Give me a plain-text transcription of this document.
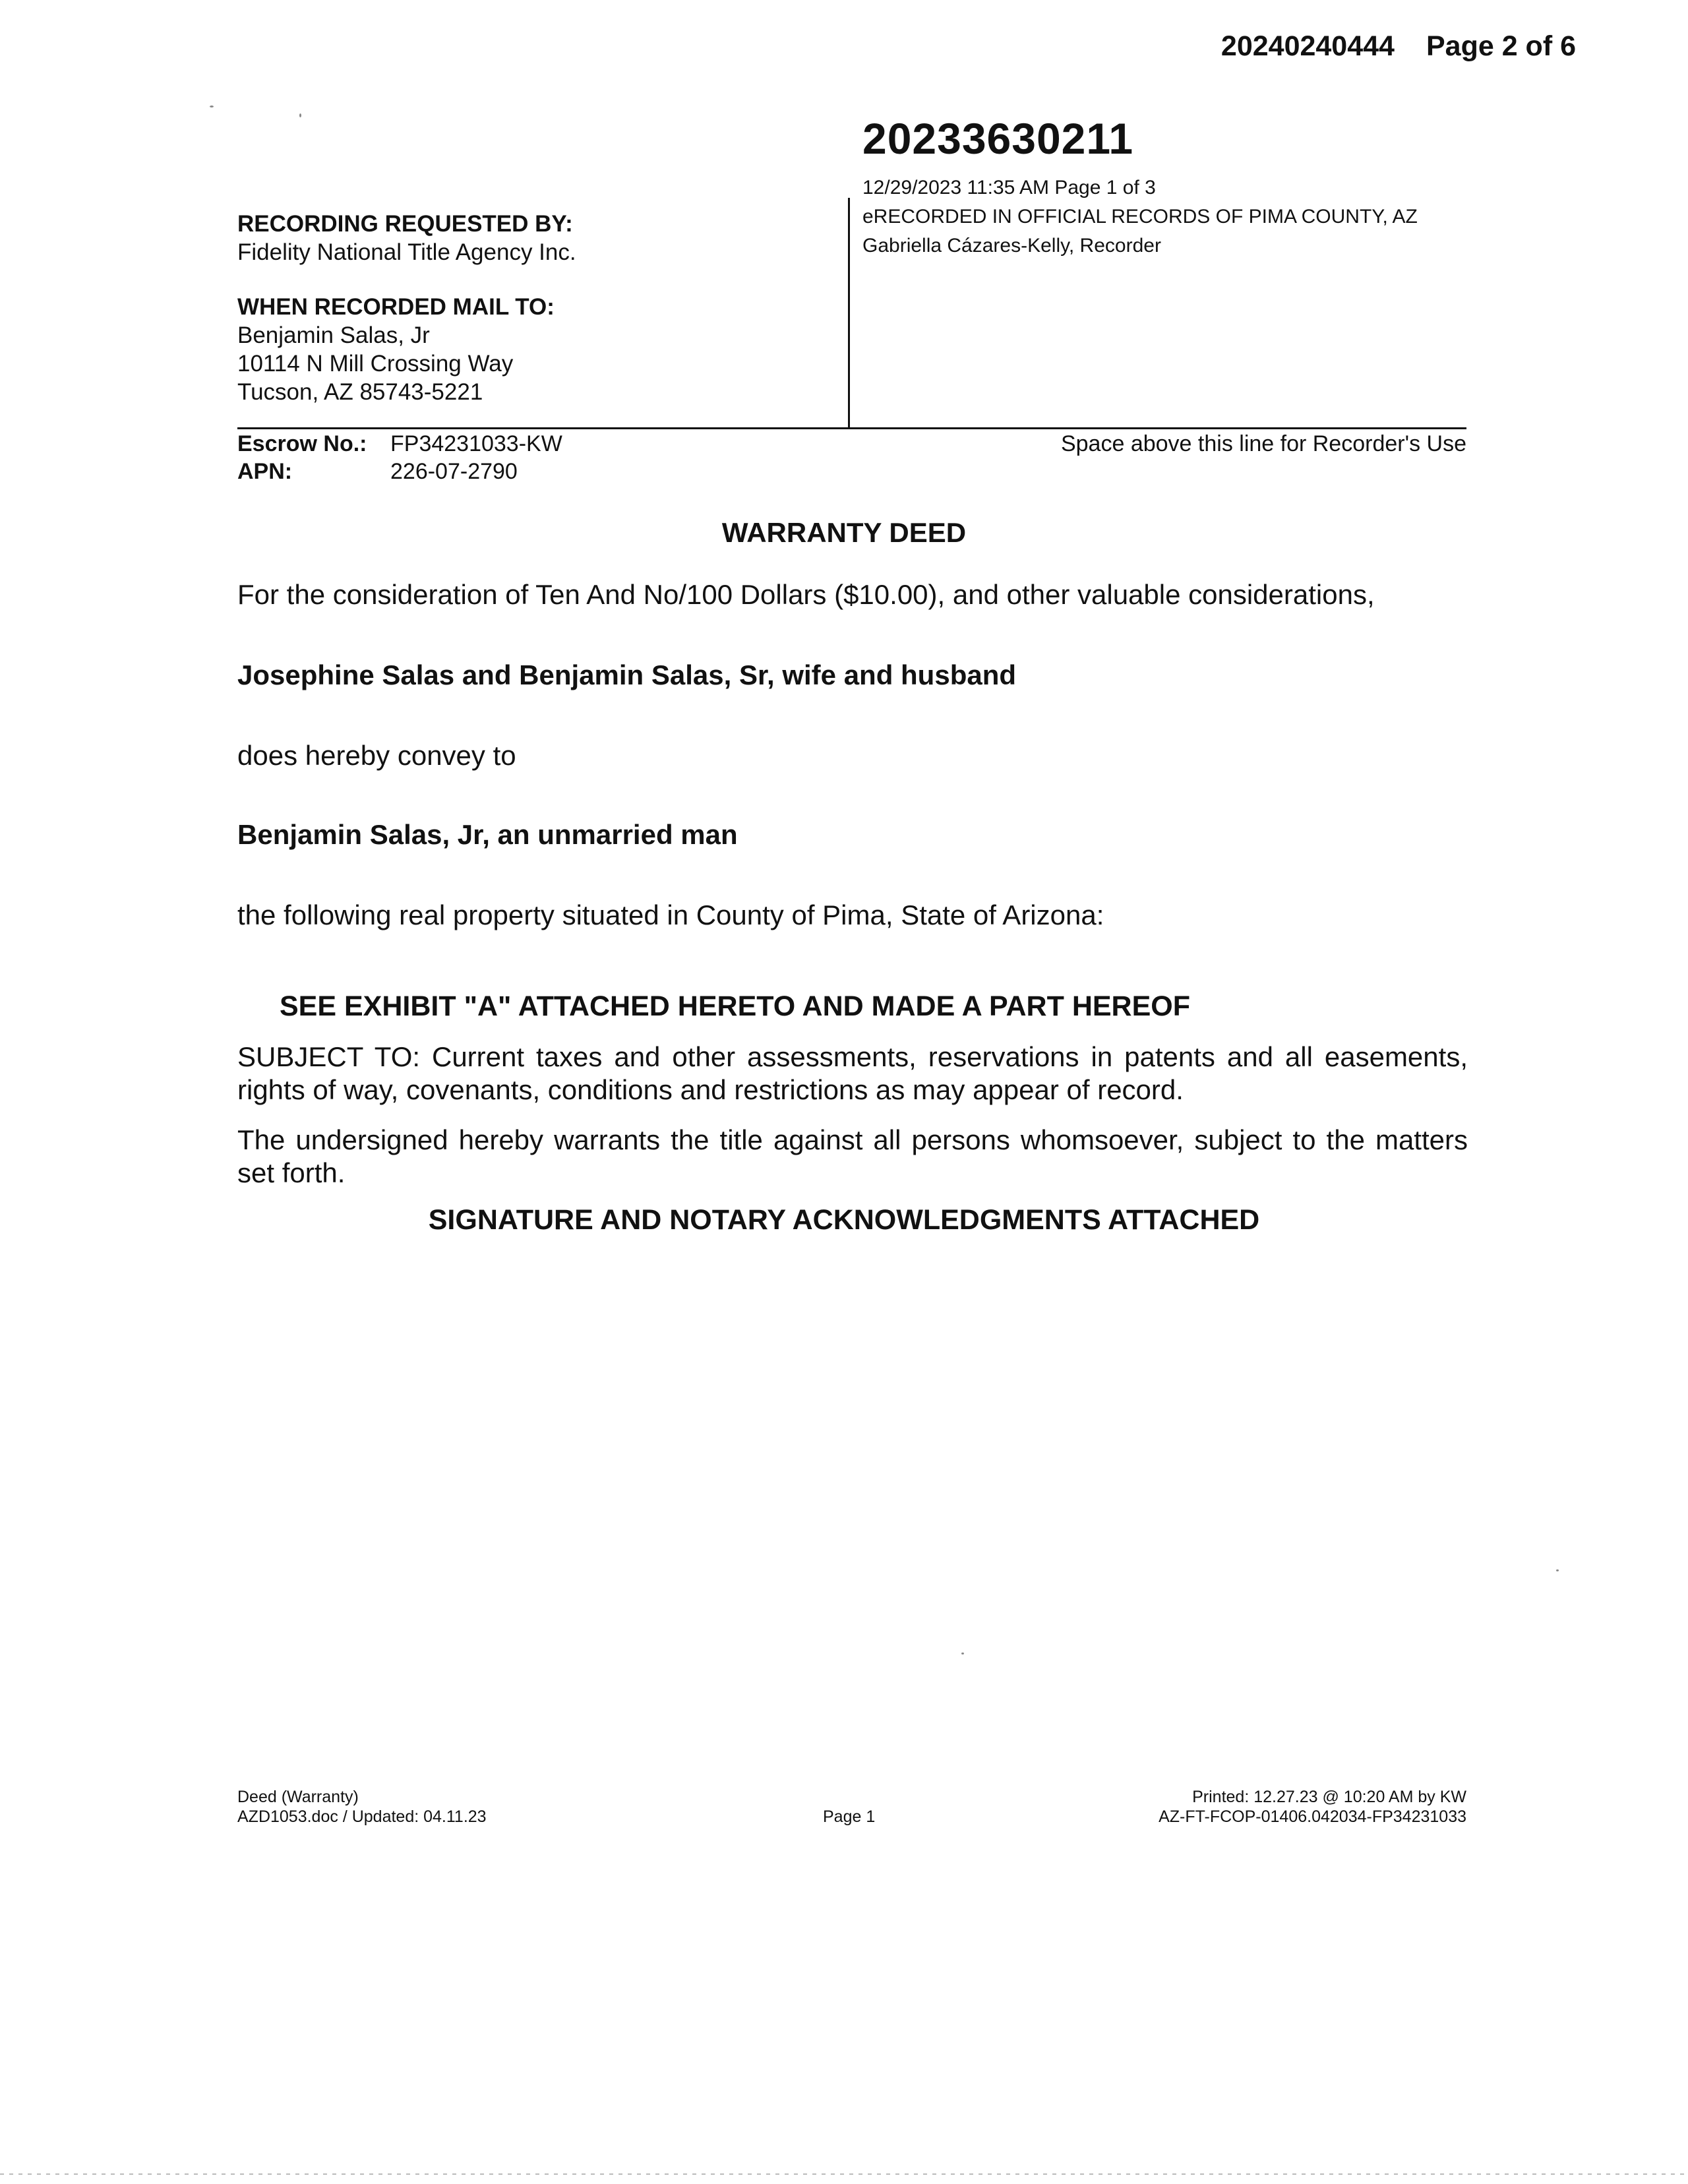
20240240444 Page 2 of 6
20233630211
12/29/2023 11:35 AM Page 1 of 3
eRECORDED IN OFFICIAL RECORDS OF PIMA COUNTY, AZ
Gabriella Cázares-Kelly, Recorder
RECORDING REQUESTED BY:
Fidelity National Title Agency Inc.
WHEN RECORDED MAIL TO:
Benjamin Salas, Jr
10114 N Mill Crossing Way
Tucson, AZ 85743-5221
Escrow No.: FP34231033-KW
APN:	226-07-2790
Space above this line for Recorder's Use
WARRANTY DEED
For the consideration of Ten And No/100 Dollars ($10.00), and other valuable considerations,
Josephine Salas and Benjamin Salas, Sr, wife and husband
does hereby convey to
Benjamin Salas, Jr, an unmarried man
the following real property situated in County of Pima, State of Arizona:
SEE EXHIBIT "A" ATTACHED HERETO AND MADE A PART HEREOF
SUBJECT TO: Current taxes and other assessments, reservations in patents and all easements, rights of way, covenants, conditions and restrictions as may appear of record.
The undersigned hereby warrants the title against all persons whomsoever, subject to the matters set forth.
SIGNATURE AND NOTARY ACKNOWLEDGMENTS ATTACHED
Deed (Warranty)
AZD1053.doc / Updated: 04.11.23	Page 1
Printed: 12.27.23 @ 10:20 AM by KW
AZ-FT-FCOP-01406.042034-FP34231033
